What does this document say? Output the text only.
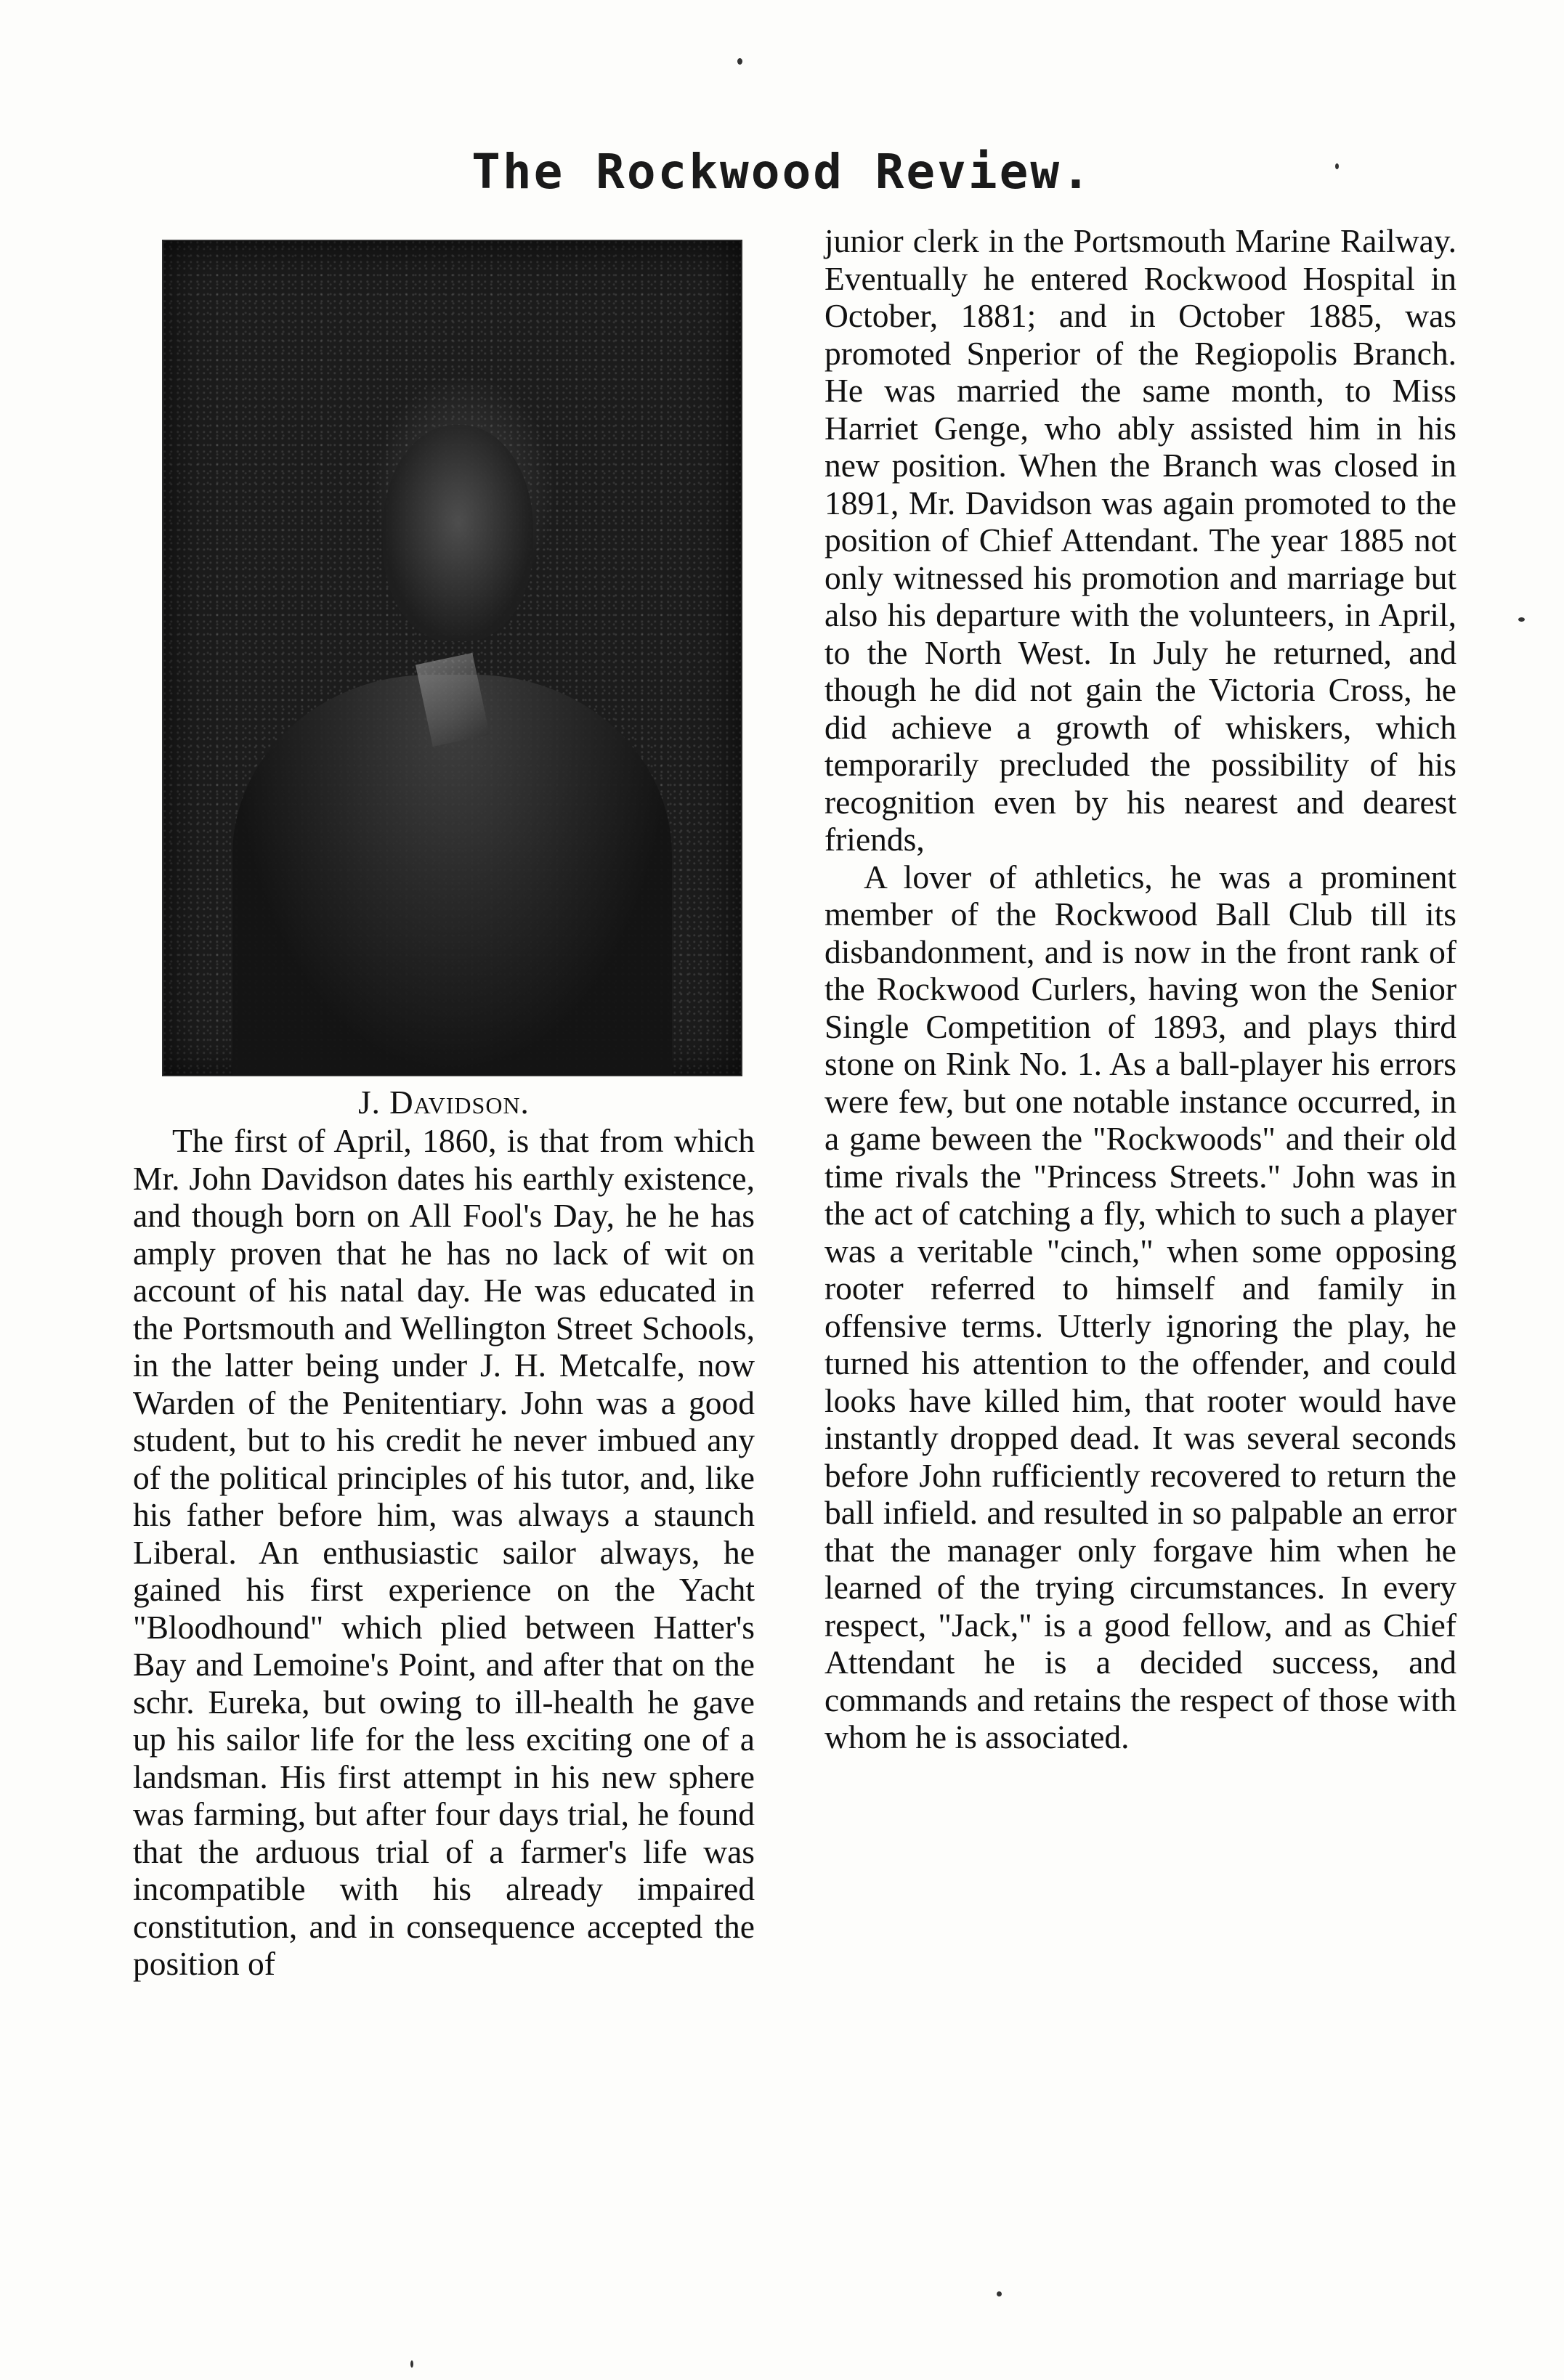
The Rockwood Review.
J. Davidson.

The first of April, 1860, is that from which Mr. John Davidson dates his earthly existence, and though born on All Fool's Day, he he has amply proven that he has no lack of wit on account of his natal day. He was educated in the Portsmouth and Wellington Street Schools, in the latter being under J. H. Metcalfe, now Warden of the Penitentiary. John was a good student, but to his credit he never imbued any of the political principles of his tutor, and, like his father before him, was always a staunch Liberal. An enthusiastic sailor always, he gained his first experience on the Yacht "Bloodhound" which plied between Hatter's Bay and Lemoine's Point, and after that on the schr. Eureka, but owing to ill-health he gave up his sailor life for the less exciting one of a landsman. His first attempt in his new sphere was farming, but after four days trial, he found that the arduous trial of a farmer's life was incompatible with his already impaired constitution, and in consequence accepted the position of

junior clerk in the Portsmouth Marine Railway. Eventually he entered Rockwood Hospital in October, 1881; and in October 1885, was promoted Snperior of the Regiopolis Branch. He was married the same month, to Miss Harriet Genge, who ably assisted him in his new position. When the Branch was closed in 1891, Mr. Davidson was again promoted to the position of Chief Attendant. The year 1885 not only witnessed his promotion and marriage but also his departure with the volunteers, in April, to the North West. In July he returned, and though he did not gain the Victoria Cross, he did achieve a growth of whiskers, which temporarily precluded the possibility of his recognition even by his nearest and dearest friends,

A lover of athletics, he was a prominent member of the Rockwood Ball Club till its disbandonment, and is now in the front rank of the Rockwood Curlers, having won the Senior Single Competition of 1893, and plays third stone on Rink No. 1. As a ball-player his errors were few, but one notable instance occurred, in a game beween the "Rockwoods" and their old time rivals the "Princess Streets." John was in the act of catching a fly, which to such a player was a veritable "cinch," when some opposing rooter referred to himself and family in offensive terms. Utterly ignoring the play, he turned his attention to the offender, and could looks have killed him, that rooter would have instantly dropped dead. It was several seconds before John rufficiently recovered to return the ball infield. and resulted in so palpable an error that the manager only forgave him when he learned of the trying circumstances. In every respect, "Jack," is a good fellow, and as Chief Attendant he is a decided success, and commands and retains the respect of those with whom he is associated.
